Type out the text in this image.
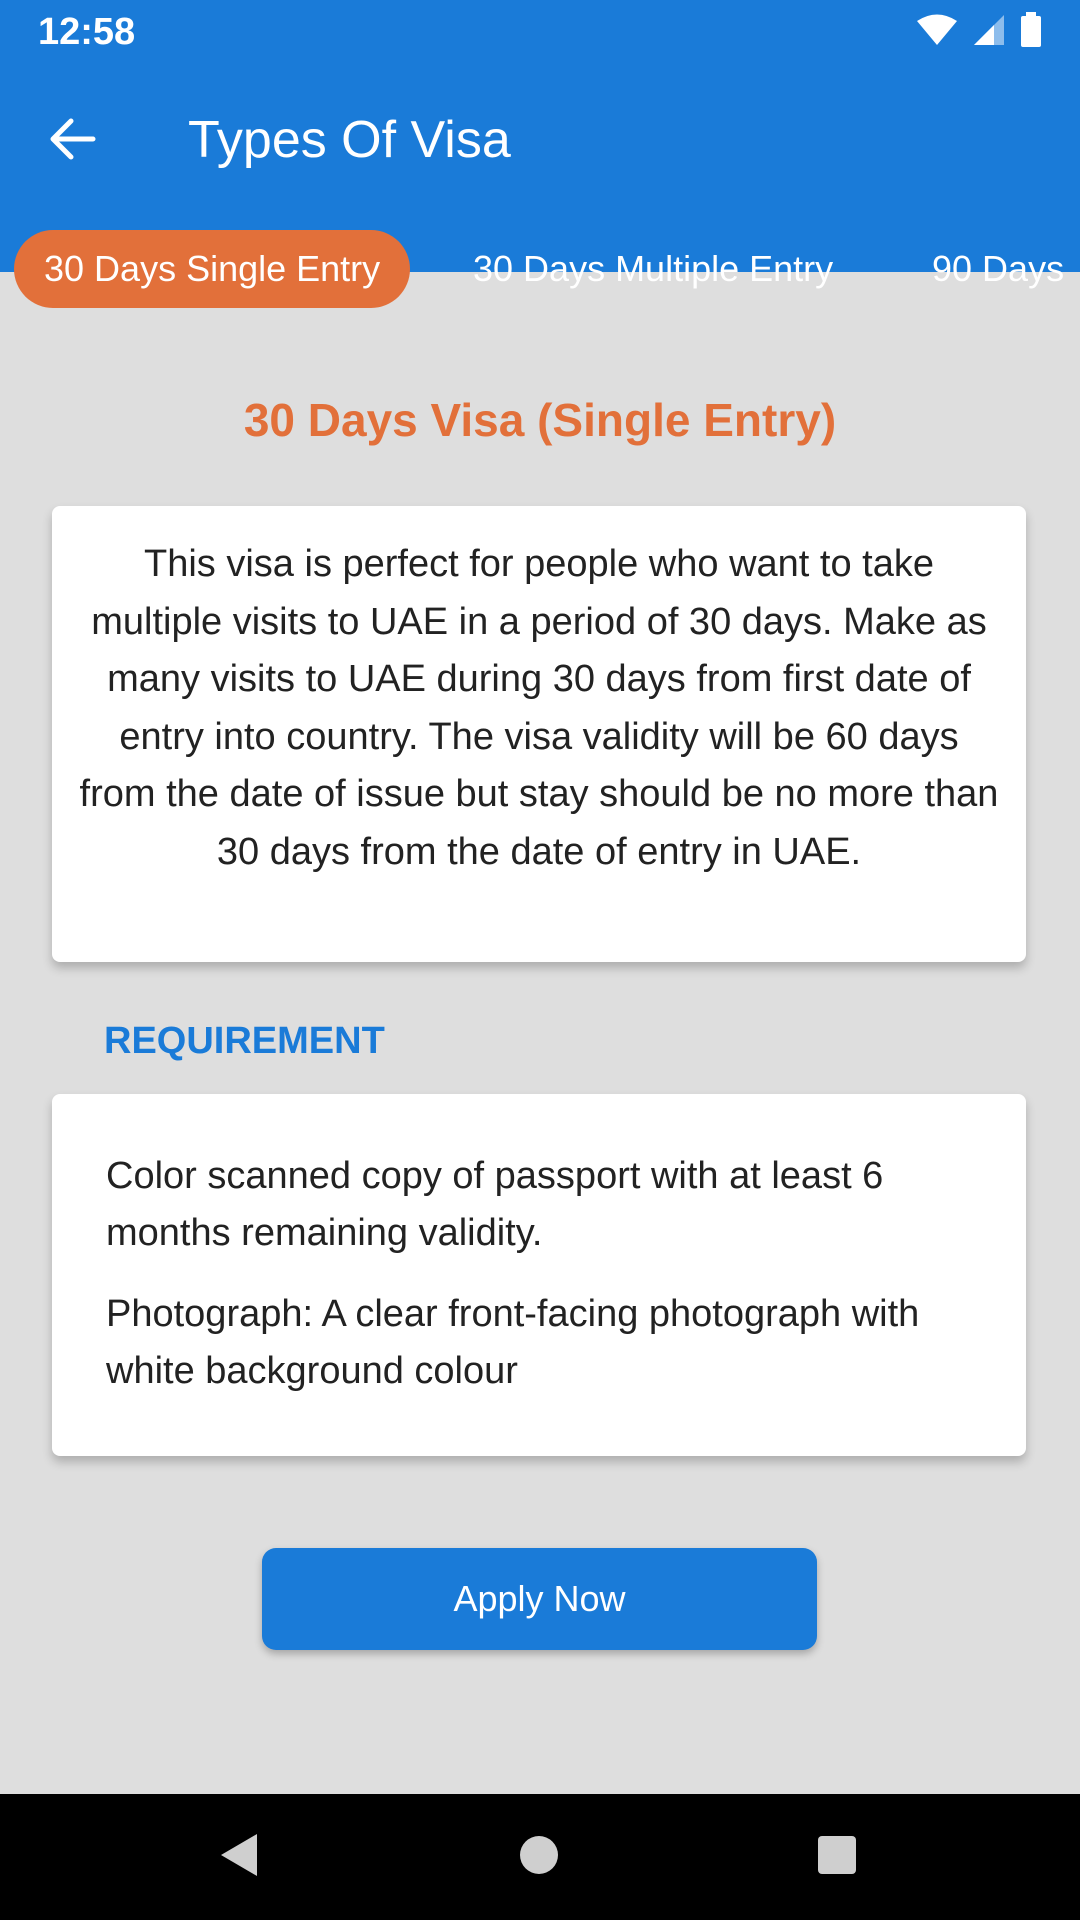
12:58
Types Of Visa
30 Days Single Entry	30 Days Multiple Entry	90 Days
30 Days Visa (Single Entry)
This visa is perfect for people who want to take multiple visits to UAE in a period of 30 days. Make as many visits to UAE during 30 days from first date of entry into country. The visa validity will be 60 days from the date of issue but stay should be no more than 30 days from the date of entry in UAE.
REQUIREMENT

Color scanned copy of passport with at least 6 months remaining validity.

Photograph: A clear front-facing photograph with white background colour

Apply Now
